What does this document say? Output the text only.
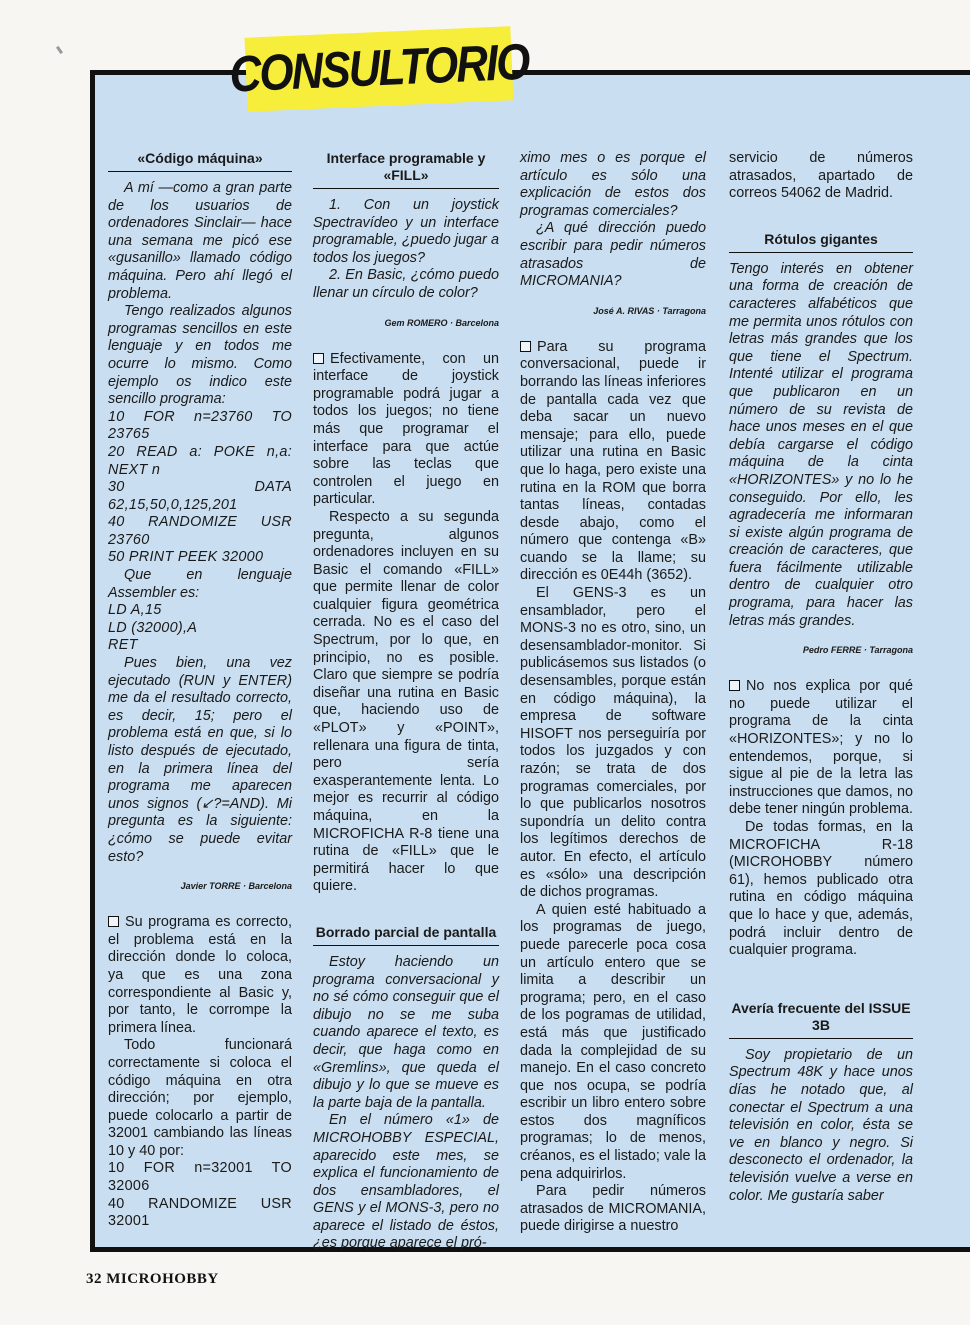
CONSULTORIO
«Código máquina»

A mí —como a gran parte de los usuarios de ordenadores Sinclair— hace una semana me picó ese «gusanillo» llamado código máquina. Pero ahí llegó el problema.

Tengo realizados algunos programas sencillos en este lenguaje y en todos me ocurre lo mismo. Como ejemplo os indico este sencillo programa:

10 FOR n=23760 TO 23765

20 READ a: POKE n,a: NEXT n

30 DATA 62,15,50,0,125,201

40 RANDOMIZE USR 23760

50 PRINT PEEK 32000

Que en lenguaje Assembler es:

LD A,15

LD (32000),A

RET

Pues bien, una vez ejecutado (RUN y ENTER) me da el resultado correcto, es decir, 15; pero el problema está en que, si lo listo después de ejecutado, en la primera línea del programa me aparecen unos signos (↙?=AND). Mi pregunta es la siguiente: ¿cómo se puede evitar esto?

Javier TORRE · Barcelona

Su programa es correcto, el problema está en la dirección donde lo coloca, ya que es una zona correspondiente al Basic y, por tanto, le corrompe la primera línea.

Todo funcionará correctamente si coloca el código máquina en otra dirección; por ejemplo, puede colocarlo a partir de 32001 cambiando las líneas 10 y 40 por:

10 FOR n=32001 TO 32006

40 RANDOMIZE USR 32001

Interface programable y «FILL»

1. Con un joystick Spectravídeo y un interface programable, ¿puedo jugar a todos los juegos?

2. En Basic, ¿cómo puedo llenar un círculo de color?

Gem ROMERO · Barcelona

Efectivamente, con un interface de joystick programable podrá jugar a todos los juegos; no tiene más que programar el interface para que actúe sobre las teclas que controlen el juego en particular.

Respecto a su segunda pregunta, algunos ordenadores incluyen en su Basic el comando «FILL» que permite llenar de color cualquier figura geométrica cerrada. No es el caso del Spectrum, por lo que, en principio, no es posible. Claro que siempre se podría diseñar una rutina en Basic que, haciendo uso de «PLOT» y «POINT», rellenara una figura de tinta, pero sería exasperantemente lenta. Lo mejor es recurrir al código máquina, en la MICROFICHA R-8 tiene una rutina de «FILL» que le permitirá hacer lo que quiere.

Borrado parcial de pantalla

Estoy haciendo un programa conversacional y no sé cómo conseguir que el dibujo no se me suba cuando aparece el texto, es decir, que haga como en «Gremlins», que queda el dibujo y lo que se mueve es la parte baja de la pantalla.

En el número «1» de MICROHOBBY ESPECIAL, aparecido este mes, se explica el funcionamiento de dos ensambladores, el GENS y el MONS-3, pero no aparece el listado de éstos, ¿es porque aparece el pró-

ximo mes o es porque el artículo es sólo una explicación de estos dos programas comerciales?

¿A qué dirección puedo escribir para pedir números atrasados de MICROMANIA?

José A. RIVAS · Tarragona

Para su programa conversacional, puede ir borrando las líneas inferiores de pantalla cada vez que deba sacar un nuevo mensaje; para ello, puede utilizar una rutina en Basic que lo haga, pero existe una rutina en la ROM que borra tantas líneas, contadas desde abajo, como el número que contenga «B» cuando se la llame; su dirección es 0E44h (3652).

El GENS-3 es un ensamblador, pero el MONS-3 no es otro, sino, un desensamblador-monitor. Si publicásemos sus listados (o desensambles, porque están en código máquina), la empresa de software HISOFT nos perseguiría por todos los juzgados y con razón; se trata de dos programas comerciales, por lo que publicarlos nosotros supondría un delito contra los legítimos derechos de autor. En efecto, el artículo es «sólo» una descripción de dichos programas.

A quien esté habituado a los programas de juego, puede parecerle poca cosa un artículo entero que se limita a describir un programa; pero, en el caso de los pogramas de utilidad, está más que justificado dada la complejidad de su manejo. En el caso concreto que nos ocupa, se podría escribir un libro entero sobre estos dos magníficos programas; lo de menos, créanos, es el listado; vale la pena adquirirlos.

Para pedir números atrasados de MICROMANIA, puede dirigirse a nuestro

servicio de números atrasados, apartado de correos 54062 de Madrid.

Rótulos gigantes

Tengo interés en obtener una forma de creación de caracteres alfabéticos que me permita unos rótulos con letras más grandes que los que tiene el Spectrum. Intenté utilizar el programa que publicaron en un número de su revista de hace unos meses en el que debía cargarse el código máquina de la cinta «HORIZONTES» y no lo he conseguido. Por ello, les agradecería me informaran si existe algún programa de creación de caracteres, que fuera fácilmente utilizable dentro de cualquier otro programa, para hacer las letras más grandes.

Pedro FERRE · Tarragona

No nos explica por qué no puede utilizar el programa de la cinta «HORIZONTES»; y no lo entendemos, porque, si sigue al pie de la letra las instrucciones que damos, no debe tener ningún problema.

De todas formas, en la MICROFICHA R-18 (MICROHOBBY número 61), hemos publicado otra rutina en código máquina que lo hace y que, además, podrá incluir dentro de cualquier programa.

Avería frecuente del ISSUE 3B

Soy propietario de un Spectrum 48K y hace unos días he notado que, al conectar el Spectrum a una televisión en color, ésta se ve en blanco y negro. Si desconecto el ordenador, la televisión vuelve a verse en color. Me gustaría saber

32 MICROHOBBY
